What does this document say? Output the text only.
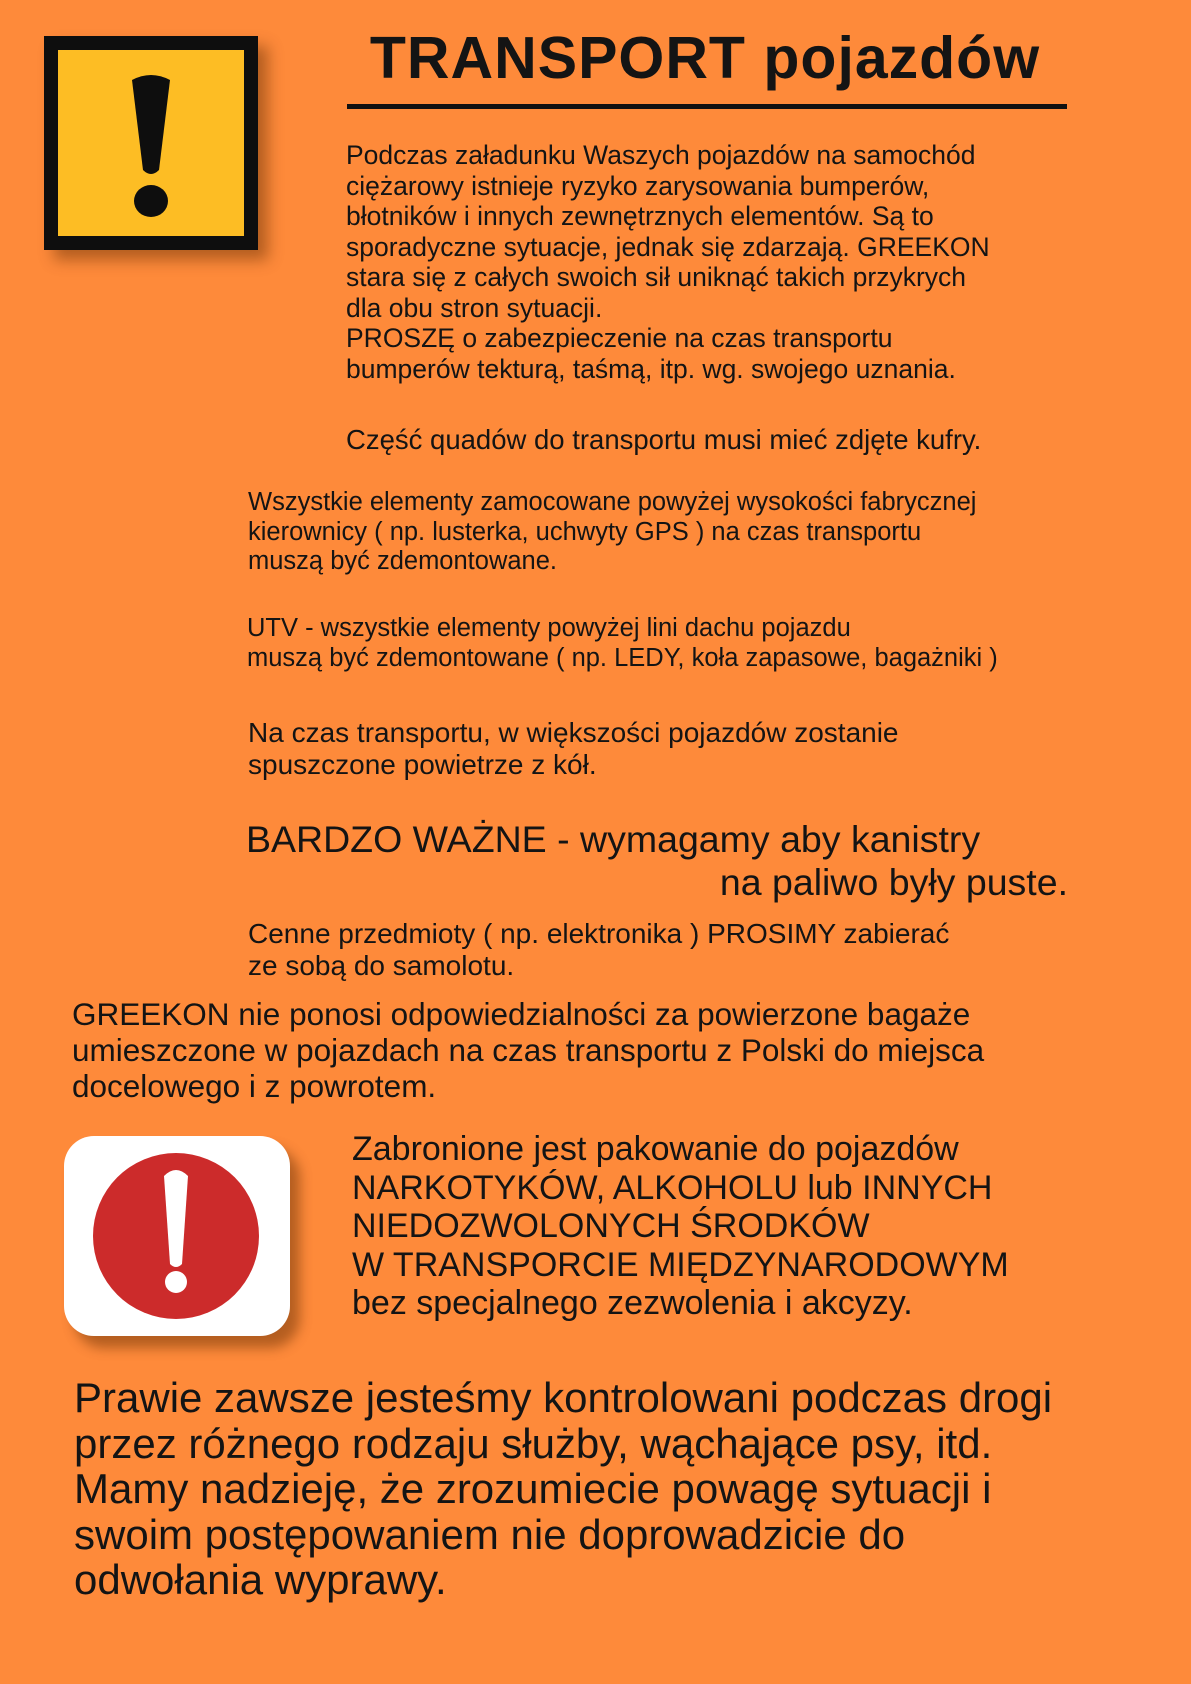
TRANSPORT pojazdów

Podczas załadunku Waszych pojazdów na samochód
ciężarowy istnieje ryzyko zarysowania bumperów,
błotników i innych zewnętrznych elementów. Są to
sporadyczne sytuacje, jednak się zdarzają. GREEKON
stara się z całych swoich sił uniknąć takich przykrych
dla obu stron sytuacji.
PROSZĘ o zabezpieczenie na czas transportu
bumperów tekturą, taśmą, itp. wg. swojego uznania.

Część quadów do transportu musi mieć zdjęte kufry.

Wszystkie elementy zamocowane powyżej wysokości fabrycznej
kierownicy ( np. lusterka, uchwyty GPS ) na czas transportu
muszą być zdemontowane.

UTV - wszystkie elementy powyżej lini dachu pojazdu
muszą być zdemontowane ( np. LEDY, koła zapasowe, bagażniki )

Na czas transportu, w większości pojazdów zostanie
spuszczone powietrze z kół.

BARDZO WAŻNE - wymagamy aby kanistry
na paliwo były puste.

Cenne przedmioty ( np. elektronika ) PROSIMY zabierać
ze sobą do samolotu.

GREEKON nie ponosi odpowiedzialności za powierzone bagaże
umieszczone w pojazdach na czas transportu z Polski do miejsca
docelowego i z powrotem.

Zabronione jest pakowanie do pojazdów
NARKOTYKÓW, ALKOHOLU lub INNYCH
NIEDOZWOLONYCH ŚRODKÓW
W TRANSPORCIE MIĘDZYNARODOWYM
bez specjalnego zezwolenia i akcyzy.

Prawie zawsze jesteśmy kontrolowani podczas drogi
przez różnego rodzaju służby, wąchające psy, itd.
Mamy nadzieję, że zrozumiecie powagę sytuacji i
swoim postępowaniem nie doprowadzicie do
odwołania wyprawy.
